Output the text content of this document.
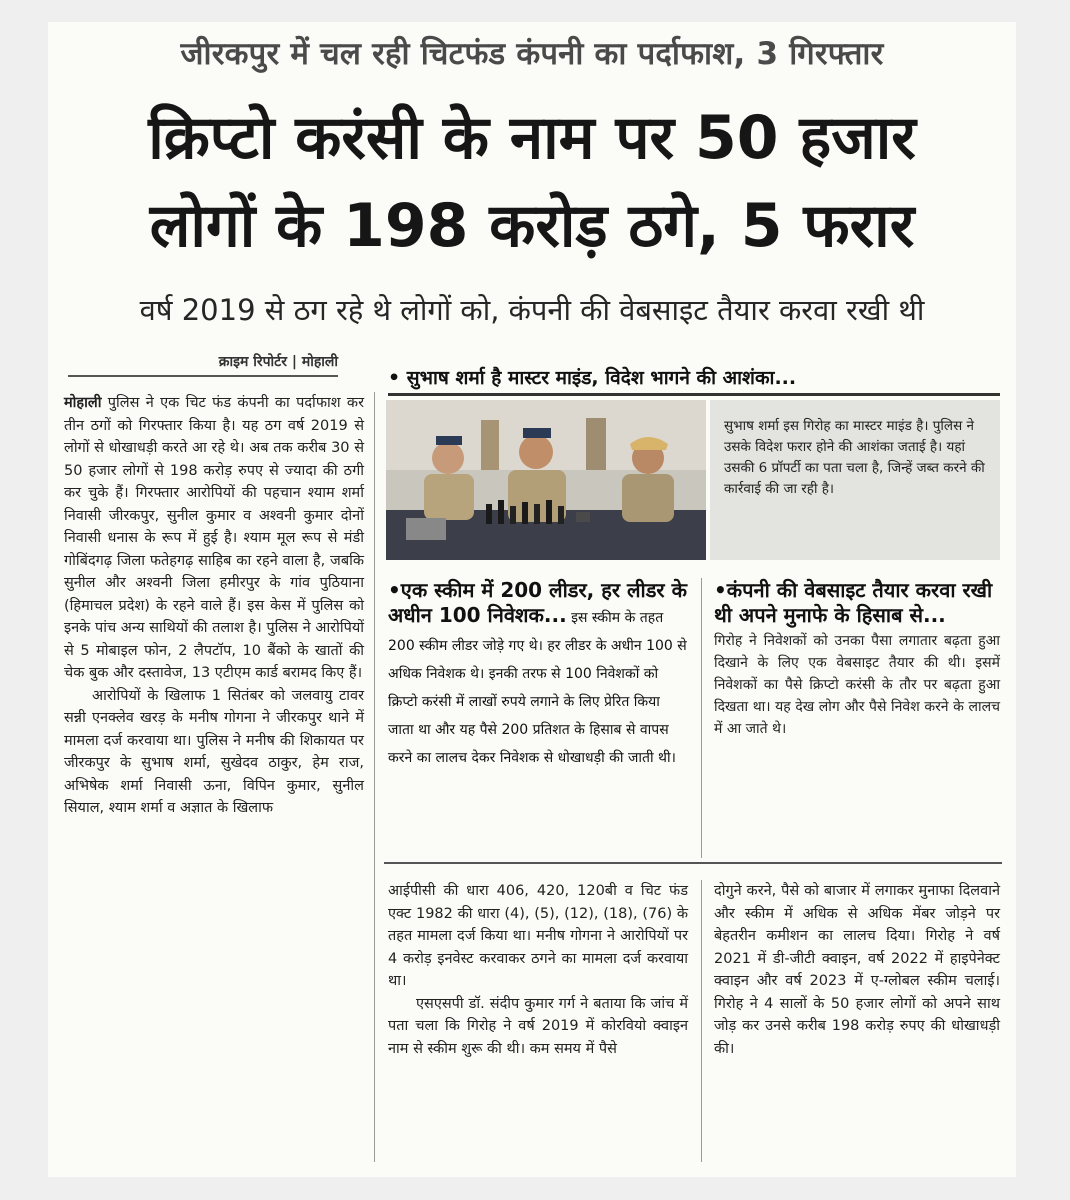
जीरकपुर में चल रही चिटफंड कंपनी का पर्दाफाश, 3 गिरफ्तार
क्रिप्टो करंसी के नाम पर 50 हजार
लोगों के 198 करोड़ ठगे, 5 फरार
वर्ष 2019 से ठग रहे थे लोगों को, कंपनी की वेबसाइट तैयार करवा रखी थी
क्राइम रिपोर्टर | मोहाली

मोहाली पुलिस ने एक चिट फंड कंपनी का पर्दाफाश कर तीन ठगों को गिरफ्तार किया है। यह ठग वर्ष 2019 से लोगों से धोखाधड़ी करते आ रहे थे। अब तक करीब 30 से 50 हजार लोगों से 198 करोड़ रुपए से ज्यादा की ठगी कर चुके हैं। गिरफ्तार आरोपियों की पहचान श्याम शर्मा निवासी जीरकपुर, सुनील कुमार व अश्वनी कुमार दोनों निवासी धनास के रूप में हुई है। श्याम मूल रूप से मंडी गोबिंदगढ़ जिला फतेहगढ़ साहिब का रहने वाला है, जबकि सुनील और अश्वनी जिला हमीरपुर के गांव पुठियाना (हिमाचल प्रदेश) के रहने वाले हैं। इस केस में पुलिस को इनके पांच अन्य साथियों की तलाश है। पुलिस ने आरोपियों से 5 मोबाइल फोन, 2 लैपटॉप, 10 बैंको के खातों की चेक बुक और दस्तावेज, 13 एटीएम कार्ड बरामद किए हैं।

आरोपियों के खिलाफ 1 सितंबर को जलवायु टावर सन्नी एनक्लेव खरड़ के मनीष गोगना ने जीरकपुर थाने में मामला दर्ज करवाया था। पुलिस ने मनीष की शिकायत पर जीरकपुर के सुभाष शर्मा, सुखेदव ठाकुर, हेम राज, अभिषेक शर्मा निवासी ऊना, विपिन कुमार, सुनील सियाल, श्याम शर्मा व अज्ञात के खिलाफ

• सुभाष शर्मा है मास्टर माइंड, विदेश भागने की आशंका...

सुभाष शर्मा इस गिरोह का मास्टर माइंड है। पुलिस ने उसके विदेश फरार होने की आशंका जताई है। यहां उसकी 6 प्रॉपर्टी का पता चला है, जिन्हें जब्त करने की कार्रवाई की जा रही है।

•एक स्कीम में 200 लीडर, हर लीडर के अधीन 100 निवेशक... इस स्कीम के तहत 200 स्कीम लीडर जोड़े गए थे। हर लीडर के अधीन 100 से अधिक निवेशक थे। इनकी तरफ से 100 निवेशकों को क्रिप्टो करंसी में लाखों रुपये लगाने के लिए प्रेरित किया जाता था और यह पैसे 200 प्रतिशत के हिसाब से वापस करने का लालच देकर निवेशक से धोखाधड़ी की जाती थी।
•कंपनी की वेबसाइट तैयार करवा रखी थी अपने मुनाफे के हिसाब से...

गिरोह ने निवेशकों को उनका पैसा लगातार बढ़ता हुआ दिखाने के लिए एक वेबसाइट तैयार की थी। इसमें निवेशकों का पैसे क्रिप्टो करंसी के तौर पर बढ़ता हुआ दिखता था। यह देख लोग और पैसे निवेश करने के लालच में आ जाते थे।

आईपीसी की धारा 406, 420, 120बी व चिट फंड एक्ट 1982 की धारा (4), (5), (12), (18), (76) के तहत मामला दर्ज किया था। मनीष गोगना ने आरोपियों पर 4 करोड़ इनवेस्ट करवाकर ठगने का मामला दर्ज करवाया था।

एसएसपी डॉ. संदीप कुमार गर्ग ने बताया कि जांच में पता चला कि गिरोह ने वर्ष 2019 में कोरवियो क्वाइन नाम से स्कीम शुरू की थी। कम समय में पैसे

दोगुने करने, पैसे को बाजार में लगाकर मुनाफा दिलवाने और स्कीम में अधिक से अधिक मेंबर जोड़ने पर बेहतरीन कमीशन का लालच दिया। गिरोह ने वर्ष 2021 में डी-जीटी क्वाइन, वर्ष 2022 में हाइपेनेक्ट क्वाइन और वर्ष 2023 में ए-ग्लोबल स्कीम चलाई। गिरोह ने 4 सालों के 50 हजार लोगों को अपने साथ जोड़ कर उनसे करीब 198 करोड़ रुपए की धोखाधड़ी की।
